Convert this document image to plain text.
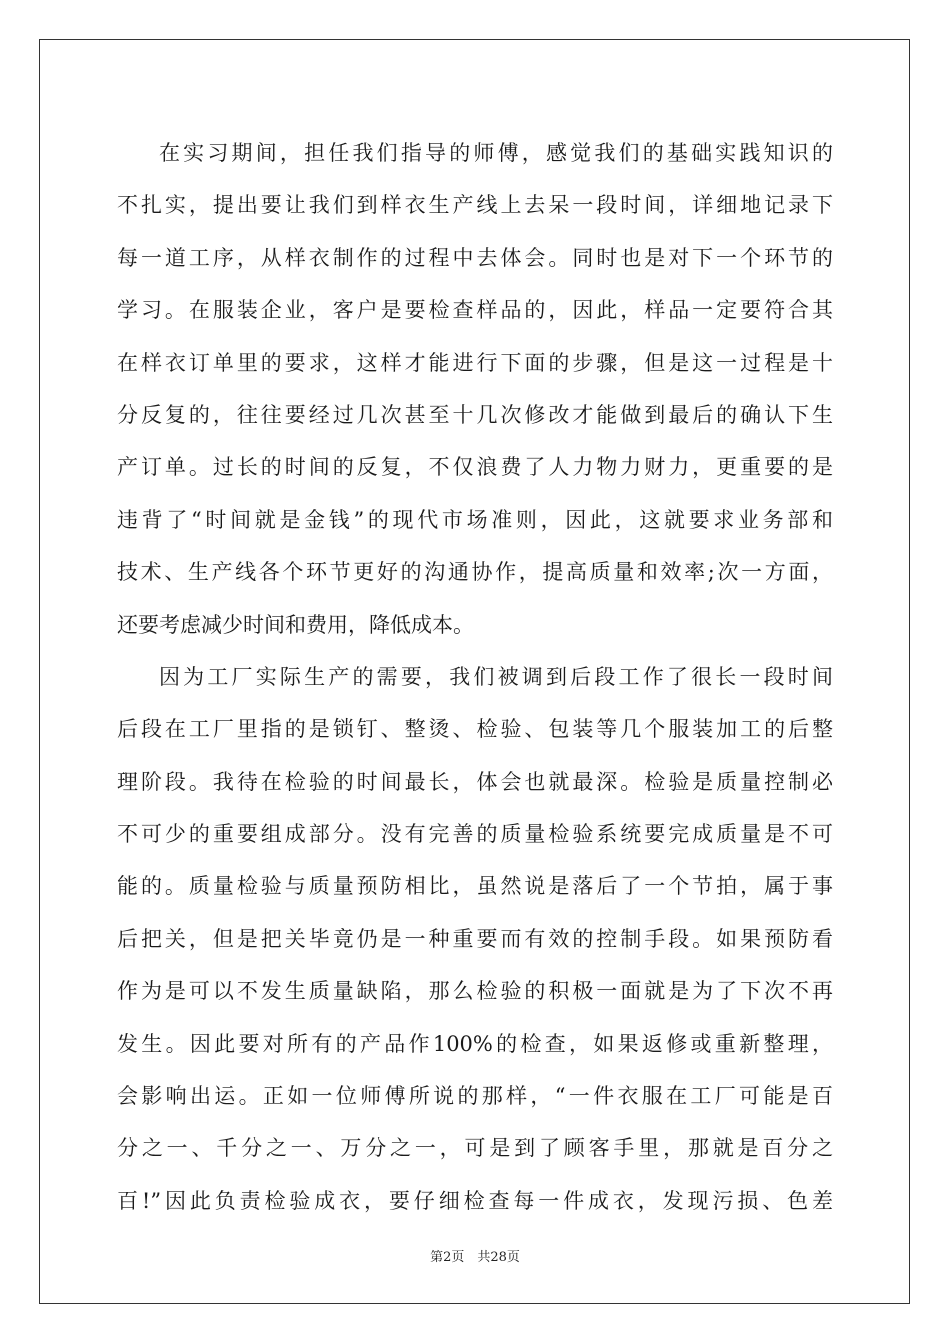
在实习期间，担任我们指导的师傅，感觉我们的基础实践知识的
不扎实，提出要让我们到样衣生产线上去呆一段时间，详细地记录下
每一道工序，从样衣制作的过程中去体会。同时也是对下一个环节的
学习。在服装企业，客户是要检查样品的，因此，样品一定要符合其
在样衣订单里的要求，这样才能进行下面的步骤，但是这一过程是十
分反复的，往往要经过几次甚至十几次修改才能做到最后的确认下生
产订单。过长的时间的反复，不仅浪费了人力物力财力，更重要的是
违背了“时间就是金钱”的现代市场准则，因此，这就要求业务部和
技术、生产线各个环节更好的沟通协作，提高质量和效率;次一方面，
还要考虑减少时间和费用，降低成本。
因为工厂实际生产的需要，我们被调到后段工作了很长一段时间
后段在工厂里指的是锁钉、整烫、检验、包装等几个服装加工的后整
理阶段。我待在检验的时间最长，体会也就最深。检验是质量控制必
不可少的重要组成部分。没有完善的质量检验系统要完成质量是不可
能的。质量检验与质量预防相比，虽然说是落后了一个节拍，属于事
后把关，但是把关毕竟仍是一种重要而有效的控制手段。如果预防看
作为是可以不发生质量缺陷，那么检验的积极一面就是为了下次不再
发生。因此要对所有的产品作100%的检查，如果返修或重新整理，
会影响出运。正如一位师傅所说的那样，“一件衣服在工厂可能是百
分之一、千分之一、万分之一，可是到了顾客手里，那就是百分之
百!”因此负责检验成衣，要仔细检查每一件成衣，发现污损、色差
第2页　共28页
